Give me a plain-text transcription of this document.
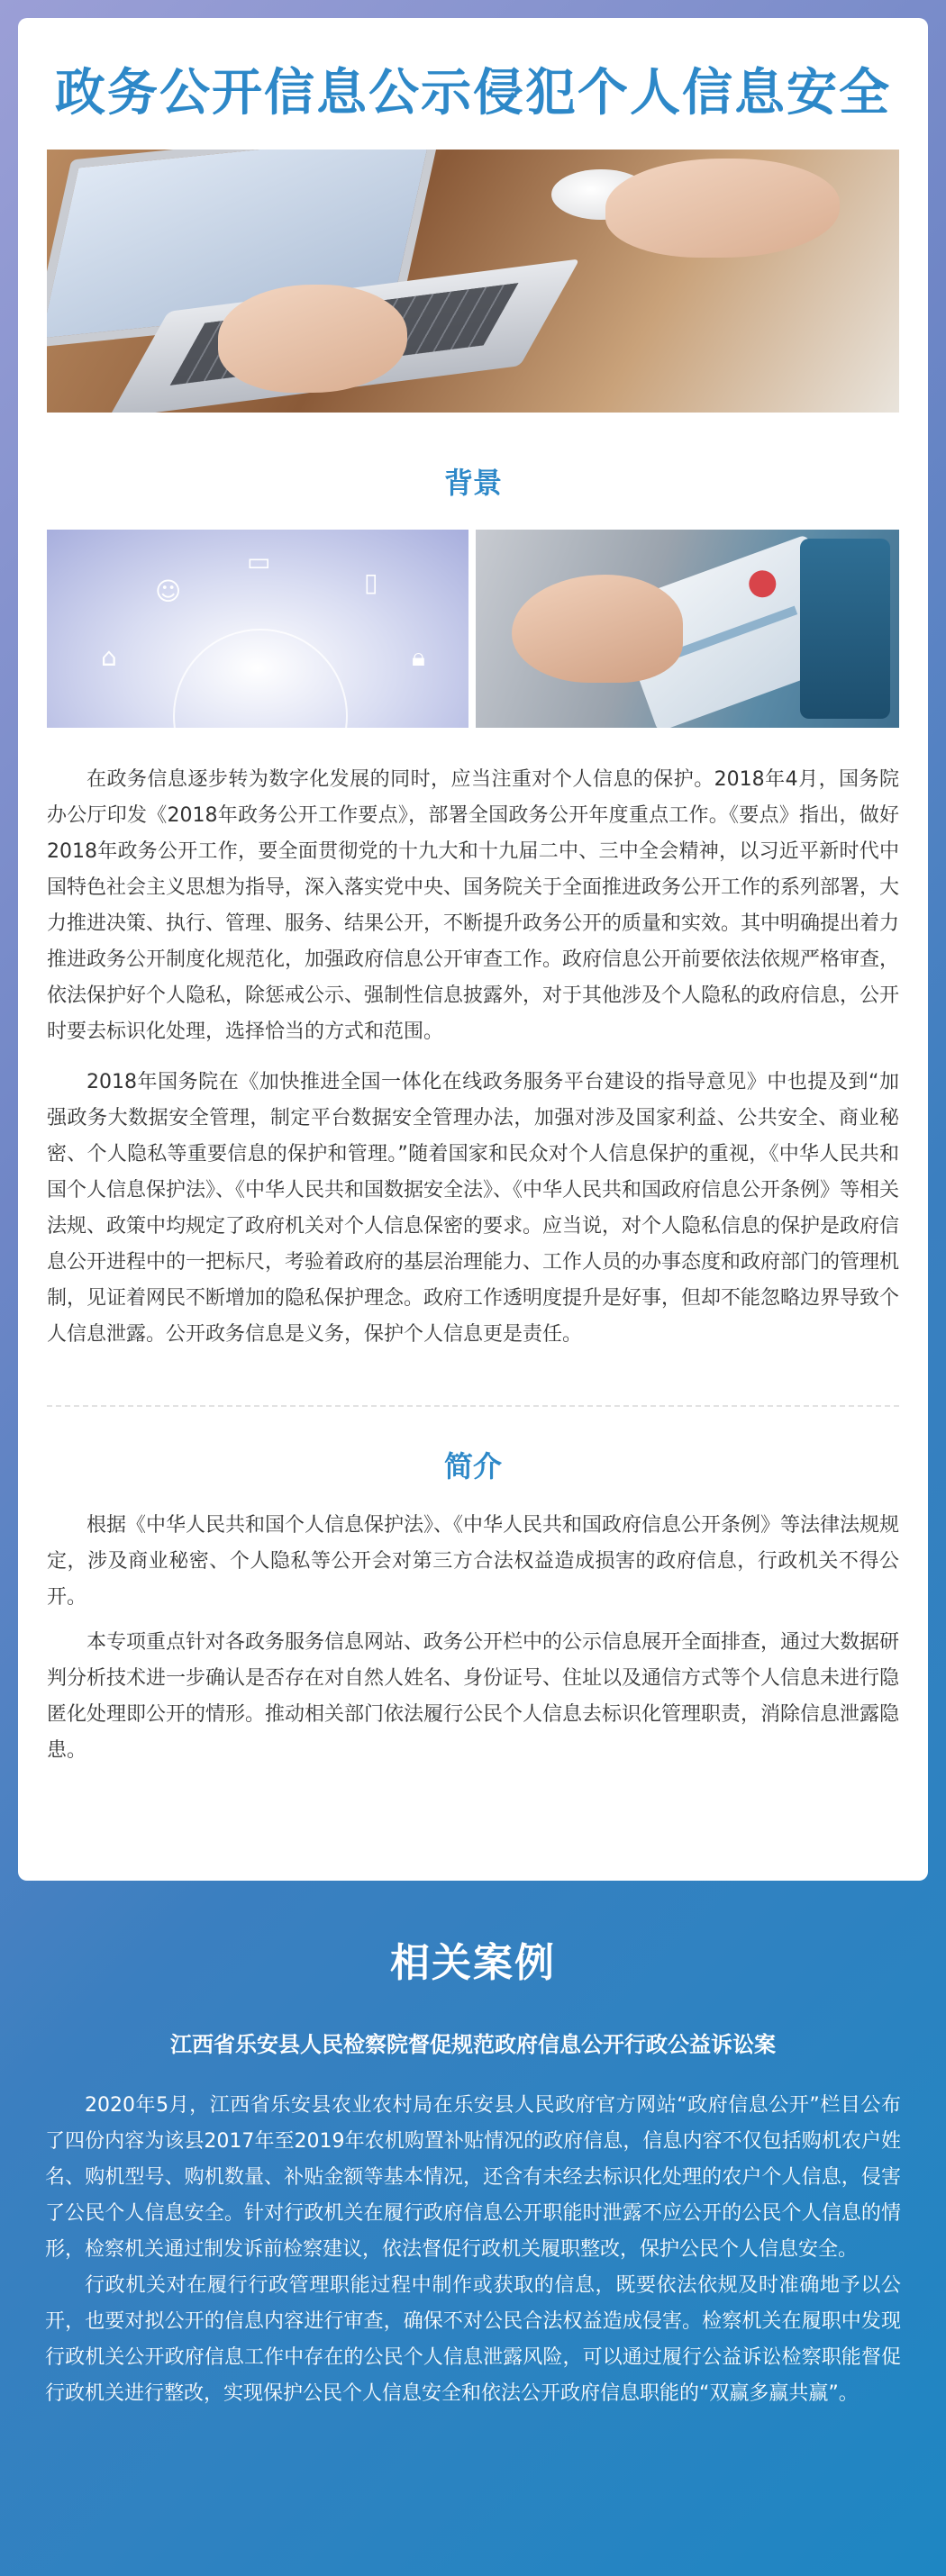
政务公开信息公示侵犯个人信息安全
背景
⌂
☺
▭
▯
🔒︎

在政务信息逐步转为数字化发展的同时，应当注重对个人信息的保护。2018年4月，国务院办公厅印发《2018年政务公开工作要点》，部署全国政务公开年度重点工作。《要点》指出，做好2018年政务公开工作，要全面贯彻党的十九大和十九届二中、三中全会精神，以习近平新时代中国特色社会主义思想为指导，深入落实党中央、国务院关于全面推进政务公开工作的系列部署，大力推进决策、执行、管理、服务、结果公开，不断提升政务公开的质量和实效。其中明确提出着力推进政务公开制度化规范化，加强政府信息公开审查工作。政府信息公开前要依法依规严格审查，依法保护好个人隐私，除惩戒公示、强制性信息披露外，对于其他涉及个人隐私的政府信息，公开时要去标识化处理，选择恰当的方式和范围。

2018年国务院在《加快推进全国一体化在线政务服务平台建设的指导意见》中也提及到“加强政务大数据安全管理，制定平台数据安全管理办法，加强对涉及国家利益、公共安全、商业秘密、个人隐私等重要信息的保护和管理。”随着国家和民众对个人信息保护的重视，《中华人民共和国个人信息保护法》、《中华人民共和国数据安全法》、《中华人民共和国政府信息公开条例》等相关法规、政策中均规定了政府机关对个人信息保密的要求。应当说，对个人隐私信息的保护是政府信息公开进程中的一把标尺，考验着政府的基层治理能力、工作人员的办事态度和政府部门的管理机制，见证着网民不断增加的隐私保护理念。政府工作透明度提升是好事，但却不能忽略边界导致个人信息泄露。公开政务信息是义务，保护个人信息更是责任。

简介

根据《中华人民共和国个人信息保护法》、《中华人民共和国政府信息公开条例》等法律法规规定，涉及商业秘密、个人隐私等公开会对第三方合法权益造成损害的政府信息，行政机关不得公开。

本专项重点针对各政务服务信息网站、政务公开栏中的公示信息展开全面排查，通过大数据研判分析技术进一步确认是否存在对自然人姓名、身份证号、住址以及通信方式等个人信息未进行隐匿化处理即公开的情形。推动相关部门依法履行公民个人信息去标识化管理职责，消除信息泄露隐患。

相关案例
江西省乐安县人民检察院督促规范政府信息公开行政公益诉讼案

2020年5月，江西省乐安县农业农村局在乐安县人民政府官方网站“政府信息公开”栏目公布了四份内容为该县2017年至2019年农机购置补贴情况的政府信息，信息内容不仅包括购机农户姓名、购机型号、购机数量、补贴金额等基本情况，还含有未经去标识化处理的农户个人信息，侵害了公民个人信息安全。针对行政机关在履行政府信息公开职能时泄露不应公开的公民个人信息的情形，检察机关通过制发诉前检察建议，依法督促行政机关履职整改，保护公民个人信息安全。

行政机关对在履行行政管理职能过程中制作或获取的信息，既要依法依规及时准确地予以公开，也要对拟公开的信息内容进行审查，确保不对公民合法权益造成侵害。检察机关在履职中发现行政机关公开政府信息工作中存在的公民个人信息泄露风险，可以通过履行公益诉讼检察职能督促行政机关进行整改，实现保护公民个人信息安全和依法公开政府信息职能的“双赢多赢共赢”。
